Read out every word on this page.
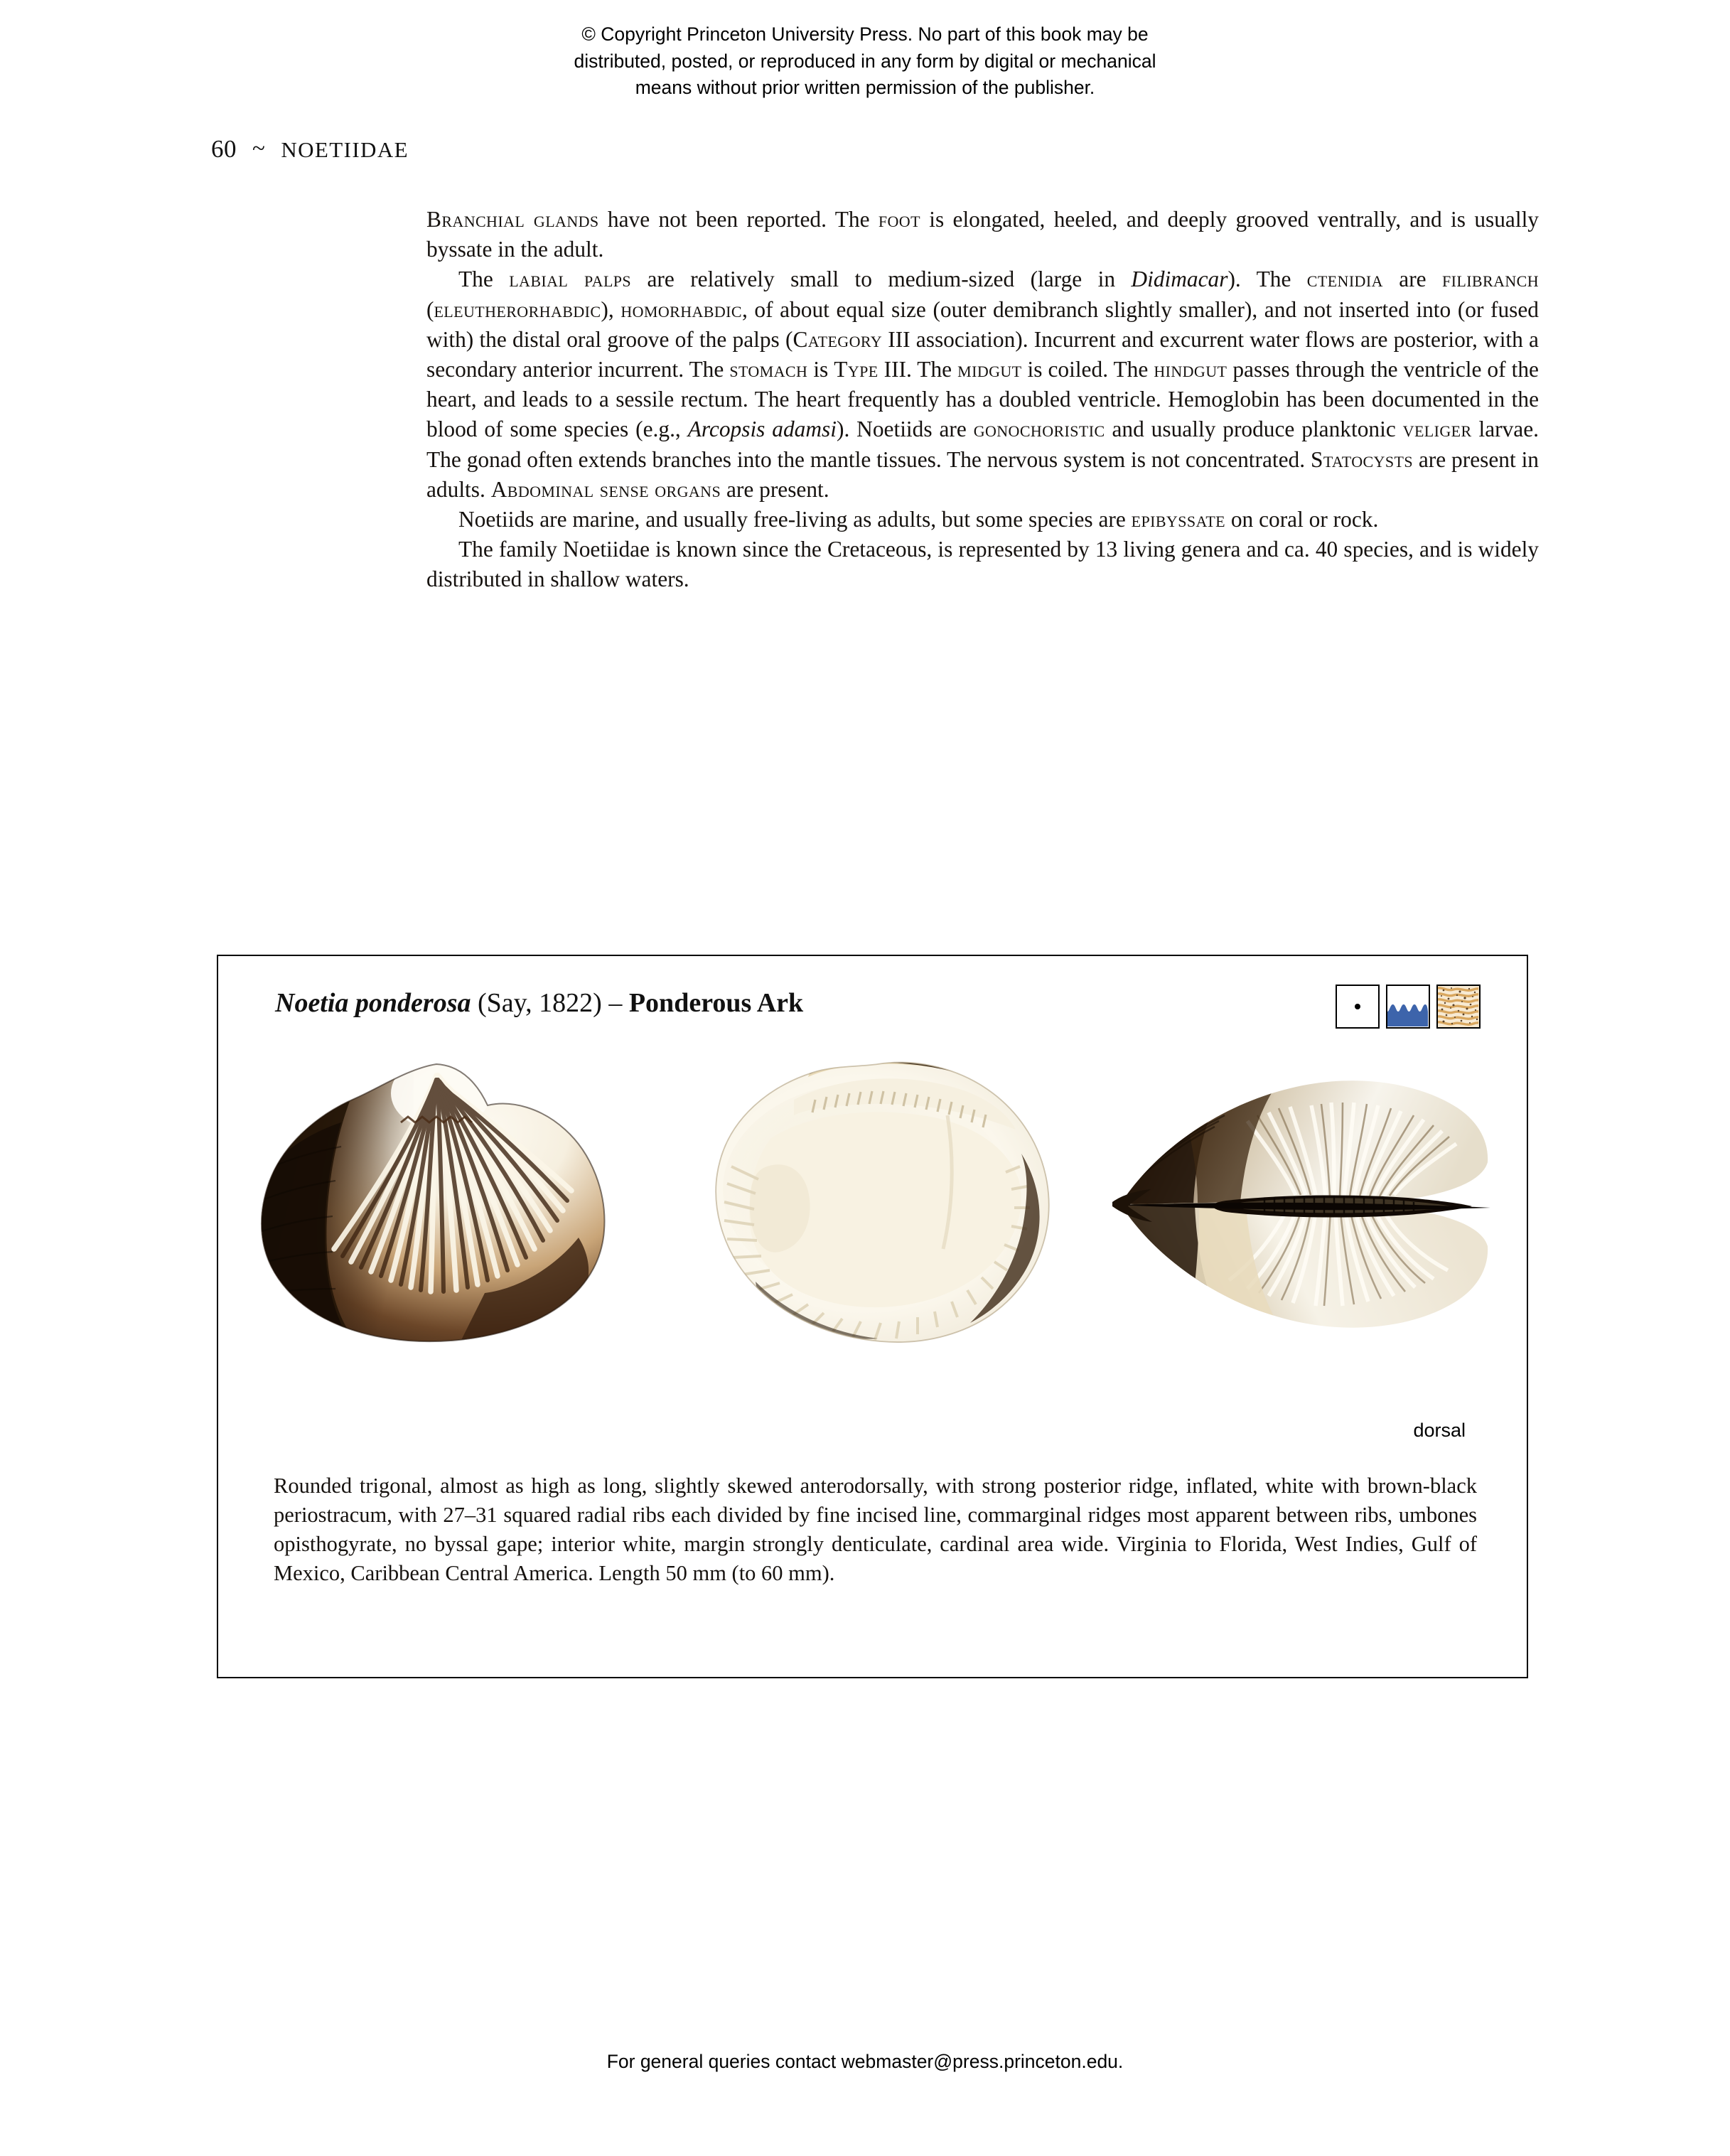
© Copyright Princeton University Press. No part of this book may be
distributed, posted, or reproduced in any form by digital or mechanical
means without prior written permission of the publisher.
60 ~ NOETIIDAE

Branchial glands have not been reported. The foot is elongated, heeled, and deeply grooved ventrally, and is usually byssate in the adult.

The labial palps are relatively small to medium-sized (large in Didimacar). The ctenidia are filibranch (eleutherorhabdic), homorhabdic, of about equal size (outer demibranch slightly smaller), and not inserted into (or fused with) the distal oral groove of the palps (Category III association). Incurrent and excurrent water flows are posterior, with a secondary anterior incurrent. The stomach is Type III. The midgut is coiled. The hindgut passes through the ventricle of the heart, and leads to a sessile rectum. The heart frequently has a doubled ventricle. Hemoglobin has been documented in the blood of some species (e.g., Arcopsis adamsi). Noetiids are gonochoristic and usually produce planktonic veliger larvae. The gonad often extends branches into the mantle tissues. The nervous system is not concentrated. Statocysts are present in adults. Abdominal sense organs are present.

Noetiids are marine, and usually free-living as adults, but some species are epibyssate on coral or rock.

The family Noetiidae is known since the Cretaceous, is represented by 13 living genera and ca. 40 species, and is widely distributed in shallow waters.

Noetia ponderosa (Say, 1822) – Ponderous Ark
dorsal
Rounded trigonal, almost as high as long, slightly skewed anterodorsally, with strong posterior ridge, inflated, white with brown-black periostracum, with 27–31 squared radial ribs each divided by fine incised line, commarginal ridges most apparent between ribs, umbones opisthogyrate, no byssal gape; interior white, margin strongly denticulate, cardinal area wide. Virginia to Florida, West Indies, Gulf of Mexico, Caribbean Central America. Length 50 mm (to 60 mm).
For general queries contact webmaster@press.princeton.edu.
